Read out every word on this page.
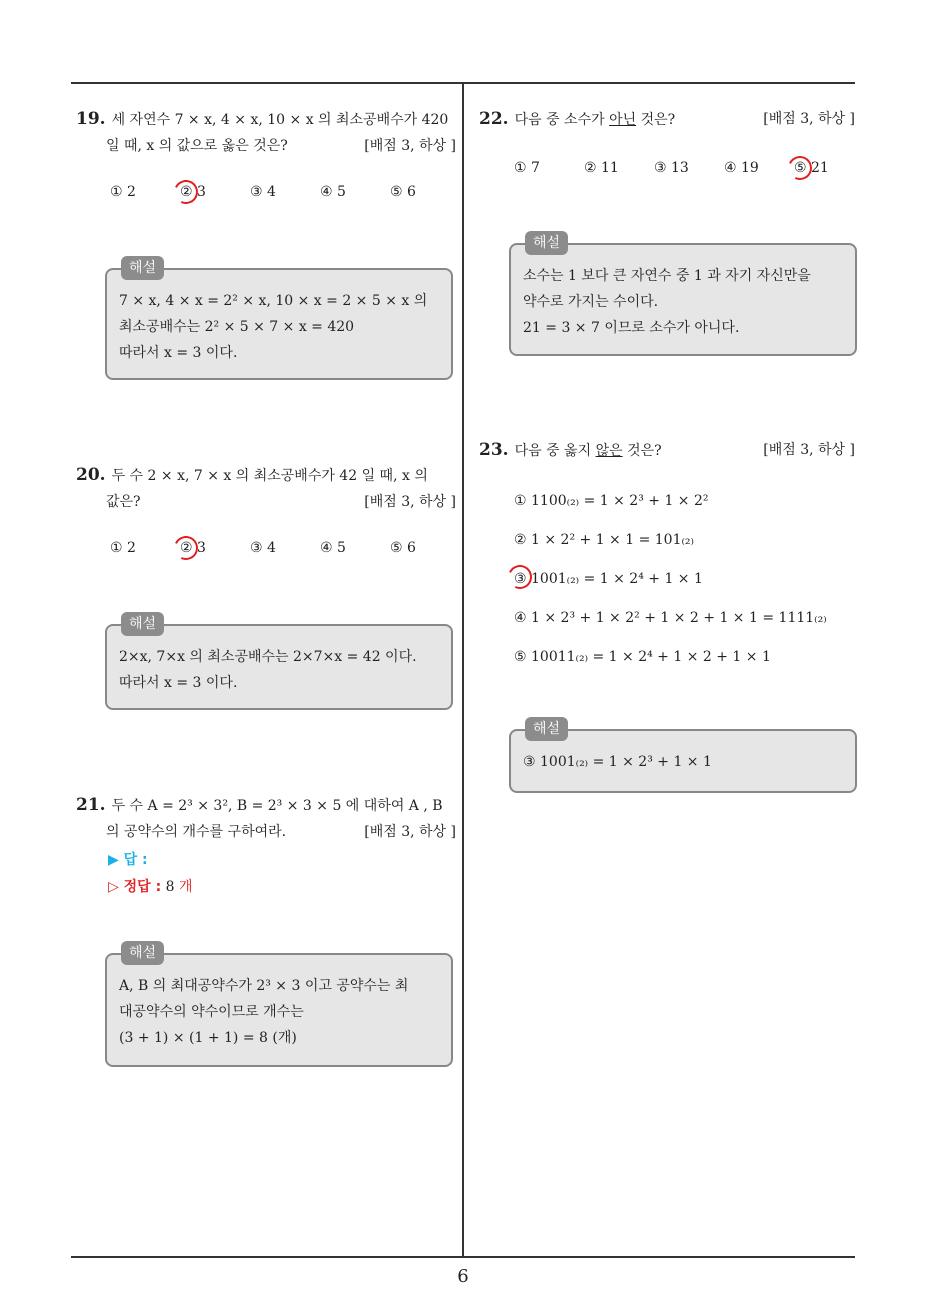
6
19. 세 자연수 7 × x, 4 × x, 10 × x 의 최소공배수가 420
일 때, x 의 값으로 옳은 것은?	[배점 3, 하상 ]
① 2	② 3	③ 4	④ 5	⑤ 6
해설
7 × x, 4 × x = 2² × x, 10 × x = 2 × 5 × x 의
최소공배수는 2² × 5 × 7 × x = 420
따라서 x = 3 이다.
20. 두 수 2 × x, 7 × x 의 최소공배수가 42 일 때, x 의
값은?	[배점 3, 하상 ]
① 2	② 3	③ 4	④ 5	⑤ 6
해설
2×x, 7×x 의 최소공배수는 2×7×x = 42 이다.
따라서 x = 3 이다.
21. 두 수 A = 2³ × 3², B = 2³ × 3 × 5 에 대하여 A , B
의 공약수의 개수를 구하여라.	[배점 3, 하상 ]
▶ 답 :
▷ 정답 : 8 개
해설
A, B 의 최대공약수가 2³ × 3 이고 공약수는 최
대공약수의 약수이므로 개수는
(3 + 1) × (1 + 1) = 8 (개)
22. 다음 중 소수가 아닌 것은?	[배점 3, 하상 ]
① 7	② 11	③ 13	④ 19	⑤ 21
해설
소수는 1 보다 큰 자연수 중 1 과 자기 자신만을
약수로 가지는 수이다.
21 = 3 × 7 이므로 소수가 아니다.
23. 다음 중 옳지 않은 것은?	[배점 3, 하상 ]
① 1100₍₂₎ = 1 × 2³ + 1 × 2²
② 1 × 2² + 1 × 1 = 101₍₂₎
③ 1001₍₂₎ = 1 × 2⁴ + 1 × 1
④ 1 × 2³ + 1 × 2² + 1 × 2 + 1 × 1 = 1111₍₂₎
⑤ 10011₍₂₎ = 1 × 2⁴ + 1 × 2 + 1 × 1
해설
③ 1001₍₂₎ = 1 × 2³ + 1 × 1
